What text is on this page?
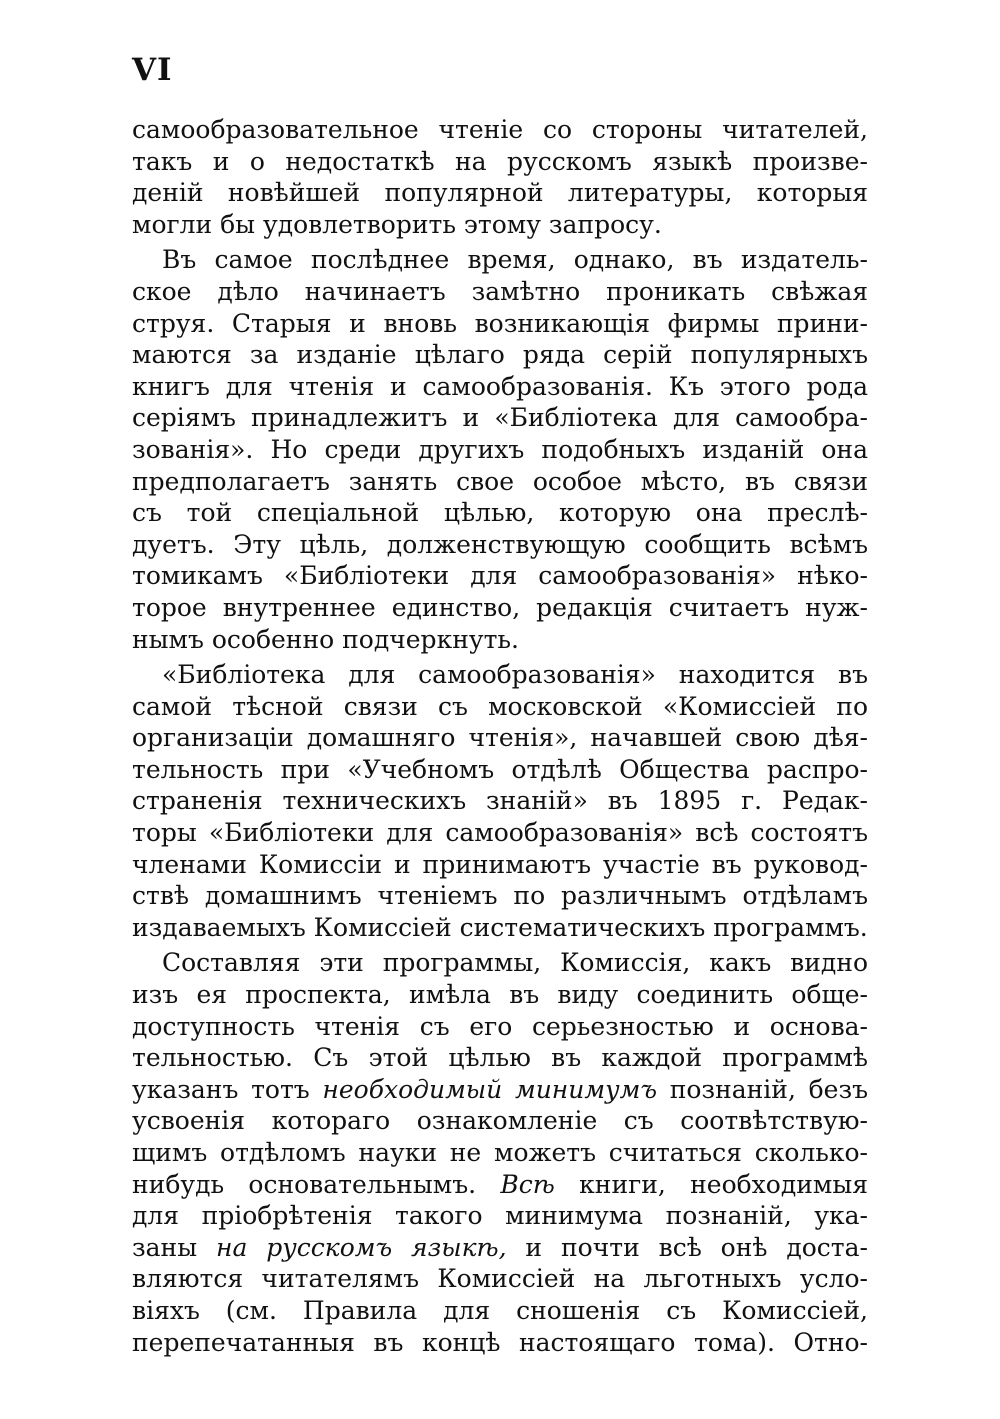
VI
самообразовательное чтеніе со стороны читателей,
такъ и о недостаткѣ на русскомъ языкѣ произве-
деній новѣйшей популярной литературы, которыя
могли бы удовлетворить этому запросу.
Въ самое послѣднее время, однако, въ издатель-
ское дѣло начинаетъ замѣтно проникать свѣжая
струя. Старыя и вновь возникающія фирмы прини-
маются за изданіе цѣлаго ряда серій популярныхъ
книгъ для чтенія и самообразованія. Къ этого рода
серіямъ принадлежитъ и «Библіотека для самообра-
зованія». Но среди другихъ подобныхъ изданій она
предполагаетъ занять свое особое мѣсто, въ связи
съ той спеціальной цѣлью, которую она преслѣ-
дуетъ. Эту цѣль, долженствующую сообщить всѣмъ
томикамъ «Библіотеки для самообразованія» нѣко-
торое внутреннее единство, редакція считаетъ нуж-
нымъ особенно подчеркнуть.
«Библіотека для самообразованія» находится въ
самой тѣсной связи съ московской «Комиссіей по
организаціи домашняго чтенія», начавшей свою дѣя-
тельность при «Учебномъ отдѣлѣ Общества распро-
страненія техническихъ знаній» въ 1895 г. Редак-
торы «Библіотеки для самообразованія» всѣ состоятъ
членами Комиссіи и принимаютъ участіе въ руковод-
ствѣ домашнимъ чтеніемъ по различнымъ отдѣламъ
издаваемыхъ Комиссіей систематическихъ программъ.
Составляя эти программы, Комиссія, какъ видно
изъ ея проспекта, имѣла въ виду соединить обще-
доступность чтенія съ его серьезностью и основа-
тельностью. Съ этой цѣлью въ каждой программѣ
указанъ тотъ необходимый минимумъ познаній, безъ
усвоенія котораго ознакомленіе съ соотвѣтствую-
щимъ отдѣломъ науки не можетъ считаться сколько-
нибудь основательнымъ. Всѣ книги, необходимыя
для пріобрѣтенія такого минимума познаній, ука-
заны на русскомъ языкѣ, и почти всѣ онѣ доста-
вляются читателямъ Комиссіей на льготныхъ усло-
віяхъ (см. Правила для сношенія съ Комиссіей,
перепечатанныя въ концѣ настоящаго тома). Отно-
